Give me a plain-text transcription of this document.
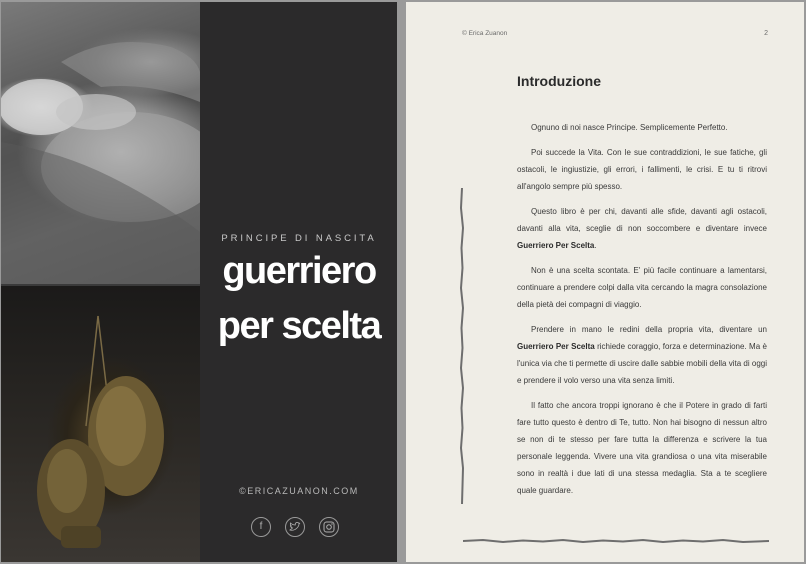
PRINCIPE DI NASCITA
guerriero
per scelta
©ERICAZUANON.COM
f
© Erica Zuanon	2
Introduzione

Ognuno di noi nasce Principe. Semplicemente Perfetto.

Poi succede la Vita. Con le sue contraddizioni, le sue fatiche, gli ostacoli, le ingiustizie, gli errori, i fallimenti, le crisi. E tu ti ritrovi all'angolo sempre più spesso.

Questo libro è per chi, davanti alle sfide, davanti agli ostacoli, davanti alla vita, sceglie di non soccombere e diventare invece Guerriero Per Scelta.

Non è una scelta scontata. E' più facile continuare a lamentarsi, continuare a prendere colpi dalla vita cercando la magra consolazione della pietà dei compagni di viaggio.

Prendere in mano le redini della propria vita, diventare un Guerriero Per Scelta richiede coraggio, forza e determinazione. Ma è l'unica via che ti permette di uscire dalle sabbie mobili della vita di oggi e prendere il volo verso una vita senza limiti.

Il fatto che ancora troppi ignorano è che il Potere in grado di farti fare tutto questo è dentro di Te, tutto. Non hai bisogno di nessun altro se non di te stesso per fare tutta la differenza e scrivere la tua personale leggenda. Vivere una vita grandiosa o una vita miserabile sono in realtà i due lati di una stessa medaglia. Sta a te scegliere quale guardare.
